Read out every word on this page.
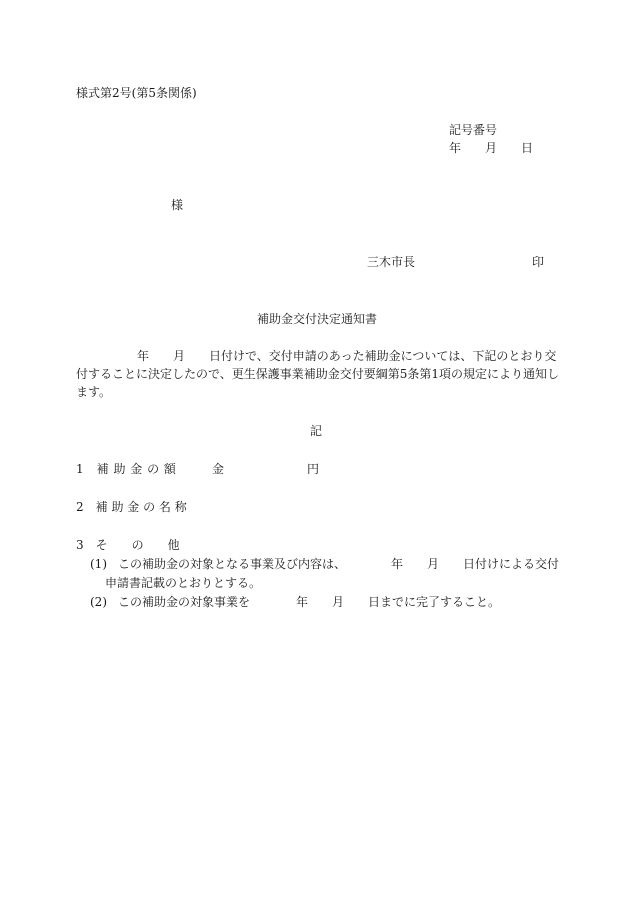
様式第2号(第5条関係)
記号番号
年 月 日
様
三木市長	印
補助金交付決定通知書
年 月 日付けで、交付申請のあった補助金については、下記のとおり交
付することに決定したので、更生保護事業補助金交付要綱第5条第1項の規定により通知し
ます。
記
1　補 助 金 の 額	金	円
2　補 助 金 の 名 称
3　そ　　の　　他
(1) この補助金の対象となる事業及び内容は、	年 月 日付けによる交付
申請書記載のとおりとする。
(2) この補助金の対象事業を	年 月 日までに完了すること。
